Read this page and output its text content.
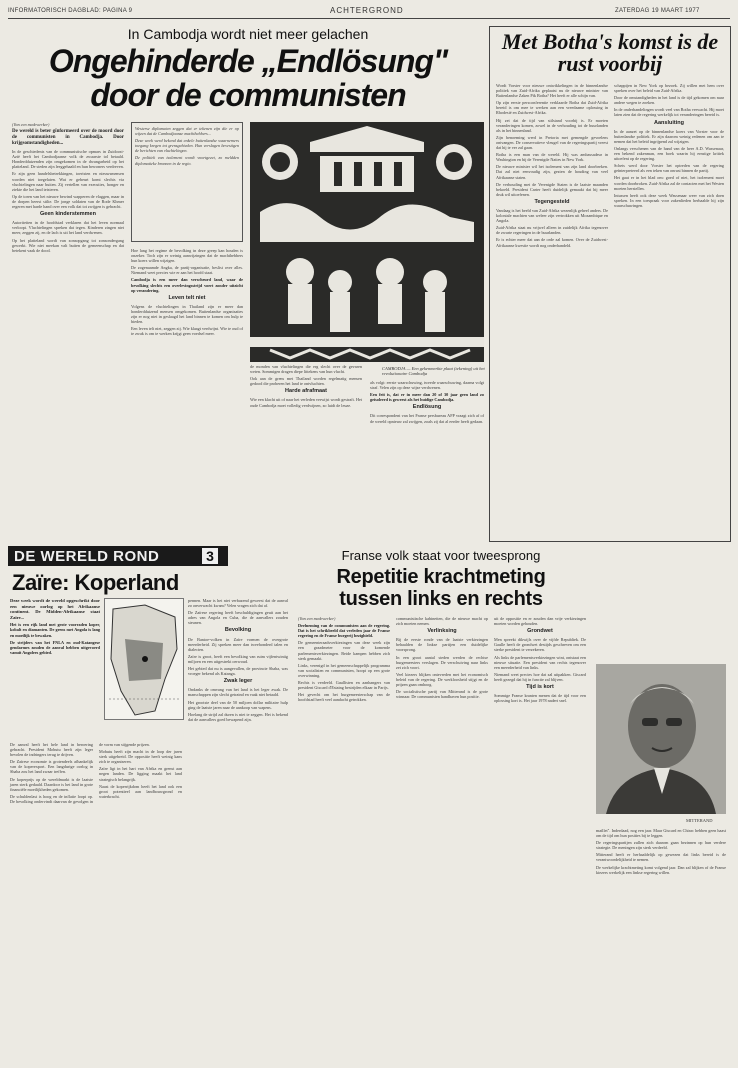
INFORMATORISCH DAGBLAD: PAGINA 9	ACHTERGROND	ZATERDAG 19 MAART 1977
In Cambodja wordt niet meer gelachen
Ongehinderde „Endlösung"
door de communisten

(Van een medewerker)

De wereld is beter gïnformeerd over de moord door de communisten in Cambodja. Door krijgsomstandigheden...

In de geschiedenis van de communistische opmars in Zuidoost-Azië heeft het Cambodjaanse volk de zwaarste tol betaald. Honderdduizenden zijn omgekomen in de dwangarbeid op het platteland. De steden zijn leeggehaald en hun bewoners verdreven.

Er zijn geen handelsbetrekkingen, toeristen en nieuwsmensen worden niet toegelaten. Wat er gebeurt komt slechts via vluchtelingen naar buiten. Zij vertellen van executies, honger en ziekte die het land teisteren.

Op de toren van het nieuwe bewind wapperen de vlaggen, maar in de dorpen heerst stilte. De jonge soldaten van de Rode Khmer regeren met harde hand over een volk dat tot zwijgen is gebracht.

Geen kinderstemmen

Autoriteiten in de hoofdstad verklaren dat het leven normaal verloopt. Vluchtelingen spreken dat tegen. Kinderen zingen niet meer, zeggen zij, en de lach is uit het land verdwenen.

Op het platteland wordt van zonsopgang tot zonsondergang gewerkt. Wie niet meekan valt buiten de gemeenschap en dat betekent vaak de dood.

Westerse diplomaten zeggen dat er tekenen zijn die er op wijzen dat de Cambodjaanse machthebbers...

Deze week werd bekend dat enkele buitenlandse waarnemers toegang kregen tot grensgebieden. Hun verslagen bevestigen de berichten van vluchtelingen.

De politiek van isolement wordt voortgezet, zo meldden diplomatieke bronnen in de regio.

Hoe lang het regime de bevolking in deze greep kan houden is onzeker. Toch zijn er weinig aanwijzingen dat de machthebbers hun koers willen wijzigen.

De zogenaamde Angka, de partij-organisatie, beslist over alles. Niemand weet precies wie er aan het hoofd staat.

Cambodja is een meer dan verscheurd land, waar de bevolking slechts een overlevingsstrijd voert zonder uitzicht op verandering.

Leven telt niet

Volgens de vluchtelingen in Thailand zijn er meer dan honderdduizend mensen omgekomen. Buitenlandse organisaties zijn er nog niet in geslaagd het land binnen te komen om hulp te bieden.

Een leven telt niet, zeggen zij. Wie klaagt verdwijnt. Wie te oud of te zwak is om te werken krijgt geen voedsel meer.

CAMBODJA — Een gekenmerkte plaat (tekening) uit het revolutionaire Cambodja

de monden van vluchtelingen die erg slecht over de gevaren weten. Sommigen dragen diepe littekens van hun vlucht.

Ook aan de grens met Thailand worden regelmatig mensen gedood die proberen het land te ontvluchten.

Harde afrafmaat

Wie een klacht uit of naar het verleden verwijst wordt gestraft. Het oude Cambodja moet volledig verdwijnen, zo luidt de leuze.

als volgt: eerste waarschuwing, tweede waarschuwing, daarna volgt straf. Velen zijn op deze wijze verdwenen.

Een feit is, dat er in meer dan 20 of 30 jaar geen land zo geïsoleerd is geweest als het huidige Cambodja.

Endlösung

Dit correspondent van het Franse persbureau AFP vraagt zich af of de wereld opnieuw zal zwijgen, zoals zij dat al eerder heeft gedaan.

Met Botha's komst is de rust voorbij

Wordt Vorster voor nieuwe ontwikkelingen in de binnenlandse politiek van Zuid-Afrika geplaatst nu de nieuwe minister van Buitenlandse Zaken Pik Botha? Het heeft er alle schijn van.

Op zijn eerste persconferentie verklaarde Botha dat Zuid-Afrika bereid is om mee te werken aan een vreedzame oplossing in Rhodesië en Zuidwest-Afrika.

Hij zei dat de tijd van stilstand voorbij is. Er moeten veranderingen komen, zowel in de verhouding tot de buurlanden als in het binnenland.

Zijn benoeming werd in Pretoria met gemengde gevoelens ontvangen. De conservatieve vleugel van de regeringspartij vreest dat hij te ver zal gaan.

Botha is een man van de wereld. Hij was ambassadeur in Washington en bij de Verenigde Naties in New York.

De nieuwe minister wil het isolement van zijn land doorbreken. Dat zal niet eenvoudig zijn, gezien de houding van veel Afrikaanse staten.

De verhouding met de Verenigde Staten is de laatste maanden bekoeld. President Carter heeft duidelijk gemaakt dat hij meer druk wil uitoefenen.

Tegengesteld

Vandaag is het beeld van Zuid-Afrika wezenlijk geheel anders. De koloniale machten van weleer zijn vertrokken uit Mozambique en Angola.

Zuid-Afrika staat nu vrijwel alleen in zuidelijk Afrika tegenover de zwarte regeringen in de buurlanden.

Er is echter meer dat aan de orde zal komen. Over de Zuidwest-Afrikaanse kwestie wordt nog onderhandeld.

schappijen in New York op bezoek. Zij willen met hem over spreken over het beleid van Zuid-Afrika.

Door de omstandigheden in het land is de tijd gekomen om naar andere wegen te zoeken.

In de onderhandelingen wordt veel van Botha verwacht. Hij moet laten zien dat de regering werkelijk tot veranderingen bereid is.

Aansluiting

In de aanzet op de binnenlandse koers van Vorster voor de buitenlandse politiek. Er zijn daarom weinig redenen om aan te nemen dat het beleid ingrijpend zal wijzigen.

Onlangs verschenen van de hand van de heer A.D. Wassenaar, een bekend zakenman, een boek waarin hij ernstige kritiek uitoefent op de regering.

Schets werd door Vorster het optreden van de regering geïnterpreteerd als een teken van onrust binnen de partij.

Het gaat er in het blad om: goed of niet, het isolement moet worden doorbroken. Zuid-Afrika zal de contacten met het Westen moeten herstellen.

Intussen heeft ook deze week Wassenaar weer van zich doen spreken. In een toespraak voor zakenlieden herhaalde hij zijn waarschuwingen.

DE WERELD ROND	3
Zaïre: Koperland

Deze week wordt de wereld opgeschrikt door een nieuwe oorlog op het Afrikaanse continent. De Midden-Afrikaanse staat Zaïre...

Het is een rijk land met grote voorraden koper, kobalt en diamanten. De grens met Angola is lang en moeilijk te bewaken.

De strijders van het FNLA en oud-Katangese gendarmes zouden de aanval hebben uitgevoerd vanuit Angolees gebied.

De aanval heeft het hele land in beroering gebracht. President Mobutu heeft zijn leger bevolen de indringers terug te drijven.

De Zaïrese economie is grotendeels afhankelijk van de koperexport. Een langdurige oorlog in Shaba zou het land zwaar treffen.

De koperprijs op de wereldmarkt is de laatste jaren sterk gedaald. Daardoor is het land in grote financiële moeilijkheden gekomen.

De schuldenlast is hoog en de inflatie loopt op. De bevolking ondervindt daarvan de gevolgen in de vorm van stijgende prijzen.

Mobutu heeft zijn macht in de loop der jaren sterk uitgebreid. De oppositie heeft weinig kans zich te organiseren.

Zaïre ligt in het hart van Afrika en grenst aan negen landen. De ligging maakt het land strategisch belangrijk.

Naast de koperrijkdom heeft het land ook een groot potentieel aan landbouwgrond en waterkracht.

pennen. Maar is het niet verbazend geweest dat de aanval zo onverwacht kwam? Velen vragen zich dat af.

De Zaïrese regering heeft beschuldigingen geuit aan het adres van Angola en Cuba, die de aanvallers zouden steunen.

Bevolking

De Bantoe-volken in Zaïre vormen de overgrote meerderheid. Zij spreken meer dan tweehonderd talen en dialecten.

Zaïre is groot, heeft een bevolking van ruim vijfentwintig miljoen en een uitgestrekt oerwoud.

Het gebied dat nu is aangevallen, de provincie Shaba, was vroeger bekend als Katanga.

Zwak leger

Ondanks de omvang van het land is het leger zwak. De manschappen zijn slecht getraind en vaak niet betaald.

Het grootste deel van de 50 miljoen dollar militaire hulp ging de laatste jaren naar de aankoop van wapens.

Hoelang de strijd zal duren is niet te zeggen. Het is bekend dat de aanvallers goed bewapend zijn.

Franse volk staat voor tweesprong
Repetitie krachtmeting
tussen links en rechts

(Van een medewerker)

Deelneming van de communisten aan de regering. Dat is het schrikbeeld dat verleden jaar de Franse regering en de Franse burgerij bezighield.

De gemeenteraadsverkiezingen van deze week zijn een graadmeter voor de komende parlementsverkiezingen. Beide kampen hebben zich sterk gemaakt.

Links, verenigd in het gemeenschappelijk programma van socialisten en communisten, hoopt op een grote overwinning.

Rechts is verdeeld. Gaullisten en aanhangers van president Giscard d'Estaing bestrijden elkaar in Parijs.

Het gevecht om het burgemeesterschap van de hoofdstad heeft veel aandacht getrokken.

communistische kabinetten, die de nieuwe macht op zich moeten nemen.

Verlinksing

Bij de eerste ronde van de laatste verkiezingen behaalden de linkse partijen een duidelijke voorsprong.

In een groot aantal steden werden de rechtse burgemeesters verslagen. De verschuiving naar links zet zich voort.

Veel kiezers blijken ontevreden met het economisch beleid van de regering. De werkloosheid stijgt en de prijzen gaan omhoog.

De socialistische partij van Mitterand is de grote winnaar. De communisten handhaven hun positie.

uit de oppositie en er zouden dan vrije verkiezingen moeten worden gehouden.

Grondwet

Men spreekt dikwijls over de vijfde Republiek. De Gaulle heeft de grondwet destijds geschreven om een sterke president te verzekeren.

Als links de parlementsverkiezingen wint, ontstaat een nieuwe situatie. Een president van rechts tegenover een meerderheid van links.

Niemand weet precies hoe dat zal uitpakken. Giscard heeft gezegd dat hij in functie zal blijven.

Tijd is kort

Sommige Franse kranten menen dat de tijd voor een oplossing kort is. Het jaar 1978 nadert snel.

MITTERAND

maillet". Inderdaad, nog een jaar. Maar Giscard en Chirac hebben geen haast om de tijd om hun posities bij te leggen.

De regeringspartijen zullen zich daarom gaan bezinnen op hun verdere strategie. De meningen zijn sterk verdeeld.

Mitterand heeft er herhaaldelijk op gewezen dat links bereid is de verantwoordelijkheid te nemen.

De werkelijke krachtmeting komt volgend jaar. Dan zal blijken of de Franse kiezers werkelijk een linkse regering willen.
